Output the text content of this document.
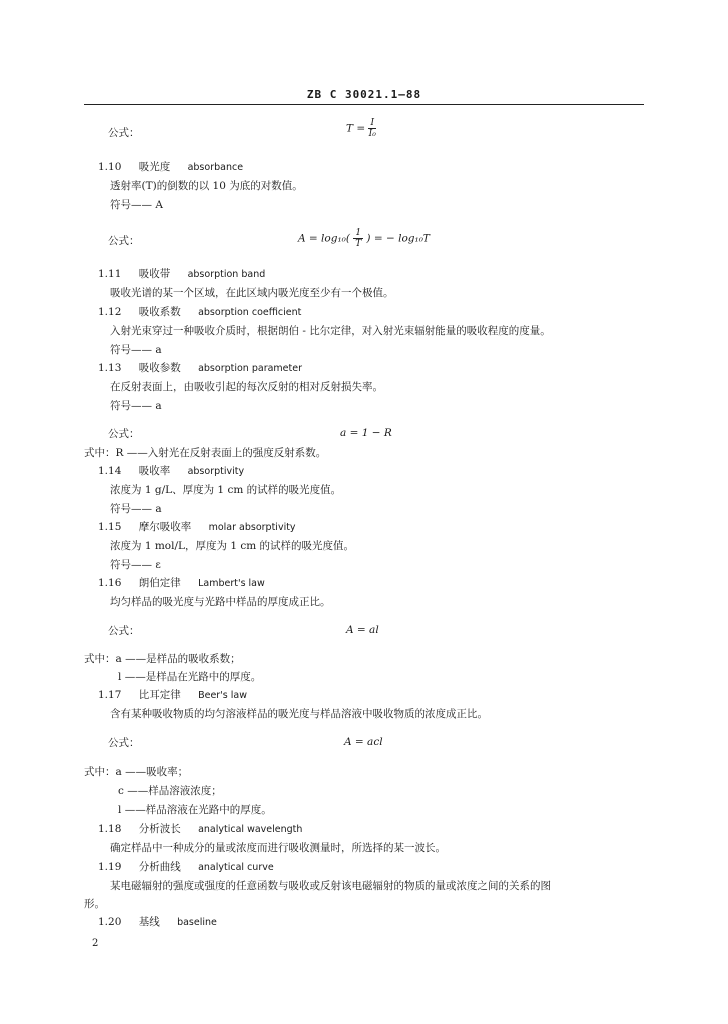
ZB C 30021.1—88
公式：	$T = \frac{I}{\text{I₀}}$
1.10 吸光度 absorbance
透射率(T)的倒数的以 10 为底的对数值。
符号—— A
公式：	$A = \log_{10}( \frac{1}{T}$ ) = − log₁₀T
1.11 吸收带 absorption band
吸收光谱的某一个区域，在此区域内吸光度至少有一个极值。
1.12 吸收系数 absorption coefficient
入射光束穿过一种吸收介质时，根据朗伯 - 比尔定律，对入射光束辐射能量的吸收程度的度量。
符号—— a
1.13 吸收参数 absorption parameter
在反射表面上，由吸收引起的每次反射的相对反射损失率。
符号—— a
公式：	a = 1 − R
式中：R ——入射光在反射表面上的强度反射系数。
1.14 吸收率 absorptivity
浓度为 1 g/L、厚度为 1 cm 的试样的吸光度值。
符号—— a
1.15 摩尔吸收率 molar absorptivity
浓度为 1 mol/L，厚度为 1 cm 的试样的吸光度值。
符号—— ε
1.16 朗伯定律 Lambert's law
均匀样品的吸光度与光路中样品的厚度成正比。
公式：	A = al
式中：a ——是样品的吸收系数；
l ——是样品在光路中的厚度。
1.17 比耳定律 Beer's law
含有某种吸收物质的均匀溶液样品的吸光度与样品溶液中吸收物质的浓度成正比。
公式：	A = acl
式中：a ——吸收率；
c ——样品溶液浓度；
l ——样品溶液在光路中的厚度。
1.18 分析波长 analytical wavelength
确定样品中一种成分的量或浓度而进行吸收测量时，所选择的某一波长。
1.19 分析曲线 analytical curve
某电磁辐射的强度或强度的任意函数与吸收或反射该电磁辐射的物质的量或浓度之间的关系的图
形。
1.20 基线 baseline
2
